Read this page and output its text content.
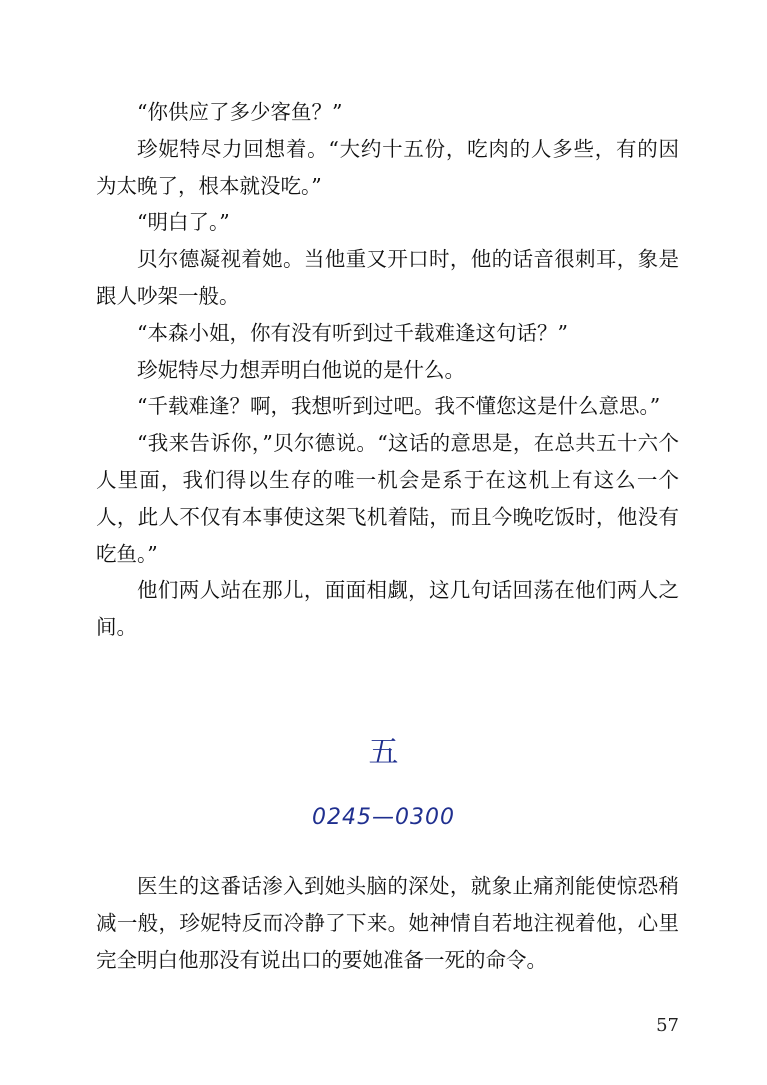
“你供应了多少客鱼？”

珍妮特尽力回想着。“大约十五份，吃肉的人多些，有的因为太晚了，根本就没吃。”

“明白了。”

贝尔德凝视着她。当他重又开口时，他的话音很刺耳，象是跟人吵架一般。

“本森小姐，你有没有听到过千载难逢这句话？”

珍妮特尽力想弄明白他说的是什么。

“千载难逢？啊，我想听到过吧。我不懂您这是什么意思。”

“我来告诉你，”贝尔德说。“这话的意思是，在总共五十六个人里面，我们得以生存的唯一机会是系于在这机上有这么一个人，此人不仅有本事使这架飞机着陆，而且今晚吃饭时，他没有吃鱼。”

他们两人站在那儿，面面相觑，这几句话回荡在他们两人之间。

五
0245—0300

医生的这番话渗入到她头脑的深处，就象止痛剂能使惊恐稍减一般，珍妮特反而冷静了下来。她神情自若地注视着他，心里完全明白他那没有说出口的要她准备一死的命令。

57
